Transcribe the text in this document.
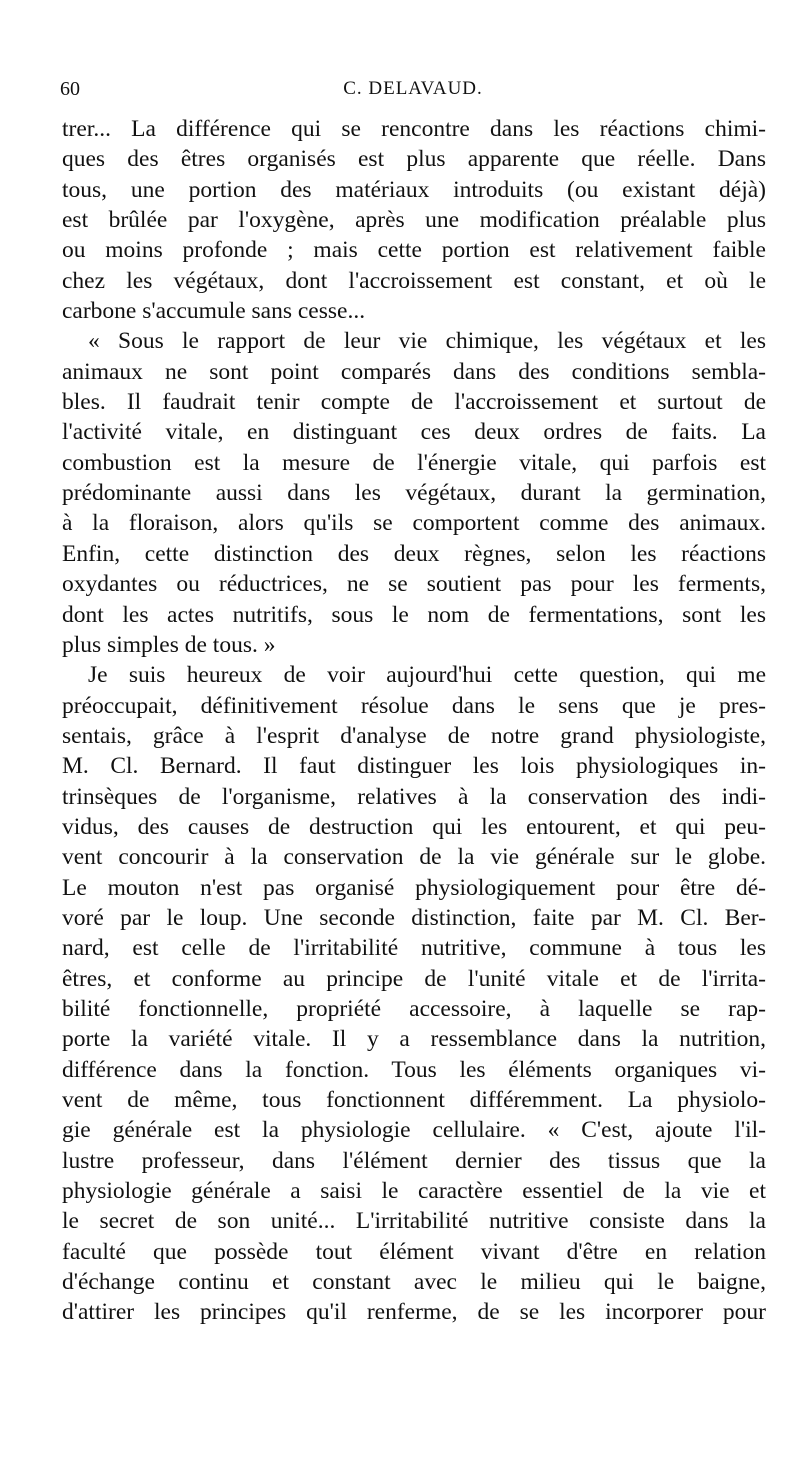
60	C. DELAVAUD.
trer... La différence qui se rencontre dans les réactions chimi-
ques des êtres organisés est plus apparente que réelle. Dans
tous, une portion des matériaux introduits (ou existant déjà)
est brûlée par l'oxygène, après une modification préalable plus
ou moins profonde ; mais cette portion est relativement faible
chez les végétaux, dont l'accroissement est constant, et où le
carbone s'accumule sans cesse...
« Sous le rapport de leur vie chimique, les végétaux et les
animaux ne sont point comparés dans des conditions sembla-
bles. Il faudrait tenir compte de l'accroissement et surtout de
l'activité vitale, en distinguant ces deux ordres de faits. La
combustion est la mesure de l'énergie vitale, qui parfois est
prédominante aussi dans les végétaux, durant la germination,
à la floraison, alors qu'ils se comportent comme des animaux.
Enfin, cette distinction des deux règnes, selon les réactions
oxydantes ou réductrices, ne se soutient pas pour les ferments,
dont les actes nutritifs, sous le nom de fermentations, sont les
plus simples de tous. »
Je suis heureux de voir aujourd'hui cette question, qui me
préoccupait, définitivement résolue dans le sens que je pres-
sentais, grâce à l'esprit d'analyse de notre grand physiologiste,
M. Cl. Bernard. Il faut distinguer les lois physiologiques in-
trinsèques de l'organisme, relatives à la conservation des indi-
vidus, des causes de destruction qui les entourent, et qui peu-
vent concourir à la conservation de la vie générale sur le globe.
Le mouton n'est pas organisé physiologiquement pour être dé-
voré par le loup. Une seconde distinction, faite par M. Cl. Ber-
nard, est celle de l'irritabilité nutritive, commune à tous les
êtres, et conforme au principe de l'unité vitale et de l'irrita-
bilité fonctionnelle, propriété accessoire, à laquelle se rap-
porte la variété vitale. Il y a ressemblance dans la nutrition,
différence dans la fonction. Tous les éléments organiques vi-
vent de même, tous fonctionnent différemment. La physiolo-
gie générale est la physiologie cellulaire. « C'est, ajoute l'il-
lustre professeur, dans l'élément dernier des tissus que la
physiologie générale a saisi le caractère essentiel de la vie et
le secret de son unité... L'irritabilité nutritive consiste dans la
faculté que possède tout élément vivant d'être en relation
d'échange continu et constant avec le milieu qui le baigne,
d'attirer les principes qu'il renferme, de se les incorporer pour
